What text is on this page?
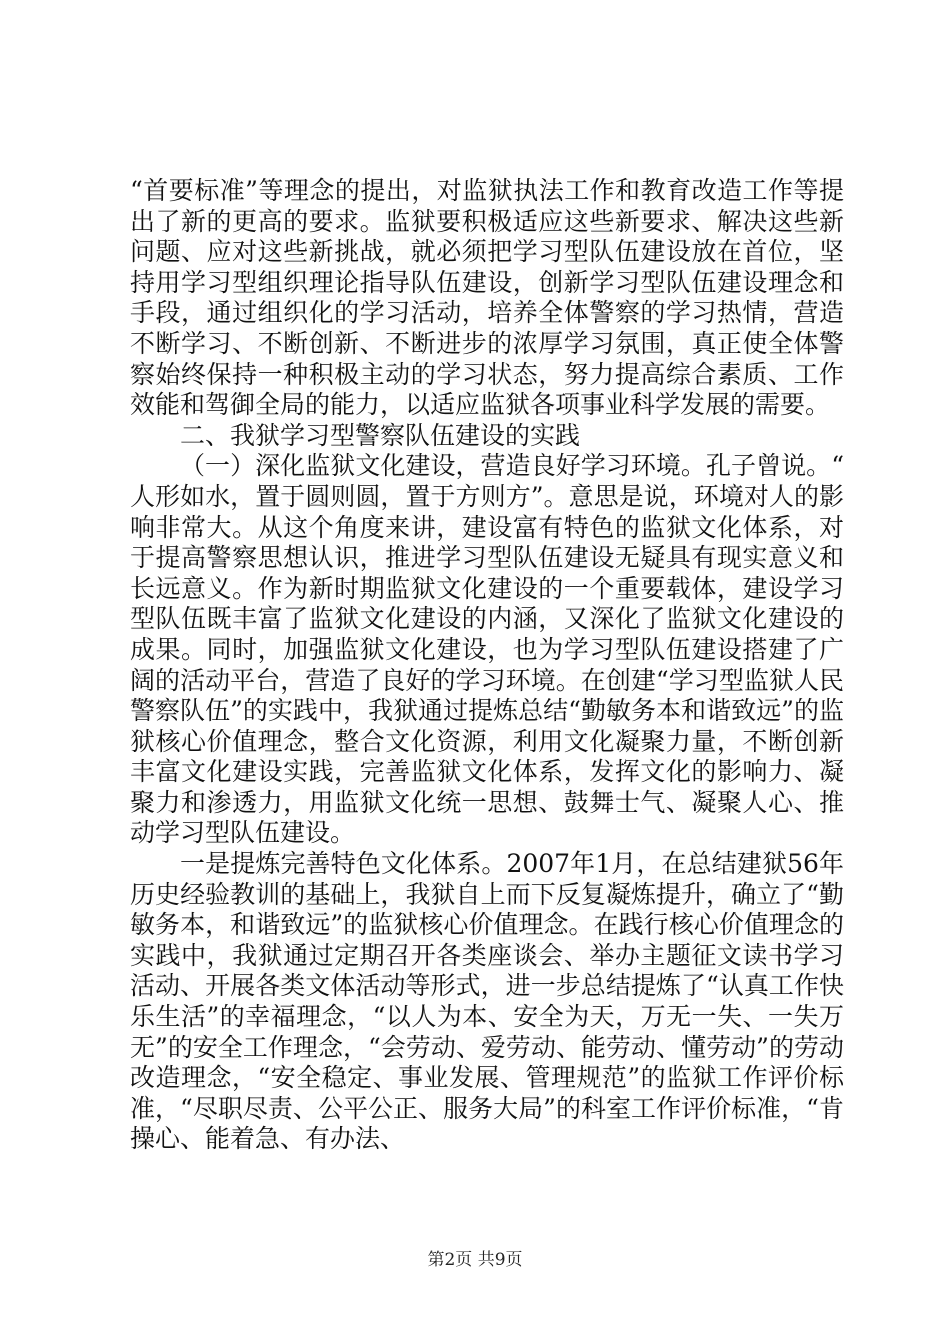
“首要标准”等理念的提出，对监狱执法工作和教育改造工作等提出了新的更高的要求。监狱要积极适应这些新要求、解决这些新问题、应对这些新挑战，就必须把学习型队伍建设放在首位，坚持用学习型组织理论指导队伍建设，创新学习型队伍建设理念和手段，通过组织化的学习活动，培养全体警察的学习热情，营造不断学习、不断创新、不断进步的浓厚学习氛围，真正使全体警察始终保持一种积极主动的学习状态，努力提高综合素质、工作效能和驾御全局的能力，以适应监狱各项事业科学发展的需要。

二、我狱学习型警察队伍建设的实践

（一）深化监狱文化建设，营造良好学习环境。孔子曾说。“人形如水，置于圆则圆，置于方则方”。意思是说，环境对人的影响非常大。从这个角度来讲，建设富有特色的监狱文化体系，对于提高警察思想认识，推进学习型队伍建设无疑具有现实意义和长远意义。作为新时期监狱文化建设的一个重要载体，建设学习型队伍既丰富了监狱文化建设的内涵，又深化了监狱文化建设的成果。同时，加强监狱文化建设，也为学习型队伍建设搭建了广阔的活动平台，营造了良好的学习环境。在创建“学习型监狱人民警察队伍”的实践中，我狱通过提炼总结“勤敏务本和谐致远”的监狱核心价值理念，整合文化资源，利用文化凝聚力量，不断创新丰富文化建设实践，完善监狱文化体系，发挥文化的影响力、凝聚力和渗透力，用监狱文化统一思想、鼓舞士气、凝聚人心、推动学习型队伍建设。

一是提炼完善特色文化体系。2007年1月，在总结建狱56年历史经验教训的基础上，我狱自上而下反复凝炼提升，确立了“勤敏务本，和谐致远”的监狱核心价值理念。在践行核心价值理念的实践中，我狱通过定期召开各类座谈会、举办主题征文读书学习活动、开展各类文体活动等形式，进一步总结提炼了“认真工作快乐生活”的幸福理念，“以人为本、安全为天，万无一失、一失万无”的安全工作理念，“会劳动、爱劳动、能劳动、懂劳动”的劳动改造理念，“安全稳定、事业发展、管理规范”的监狱工作评价标准，“尽职尽责、公平公正、服务大局”的科室工作评价标准，“肯操心、能着急、有办法、

第2页 共9页
